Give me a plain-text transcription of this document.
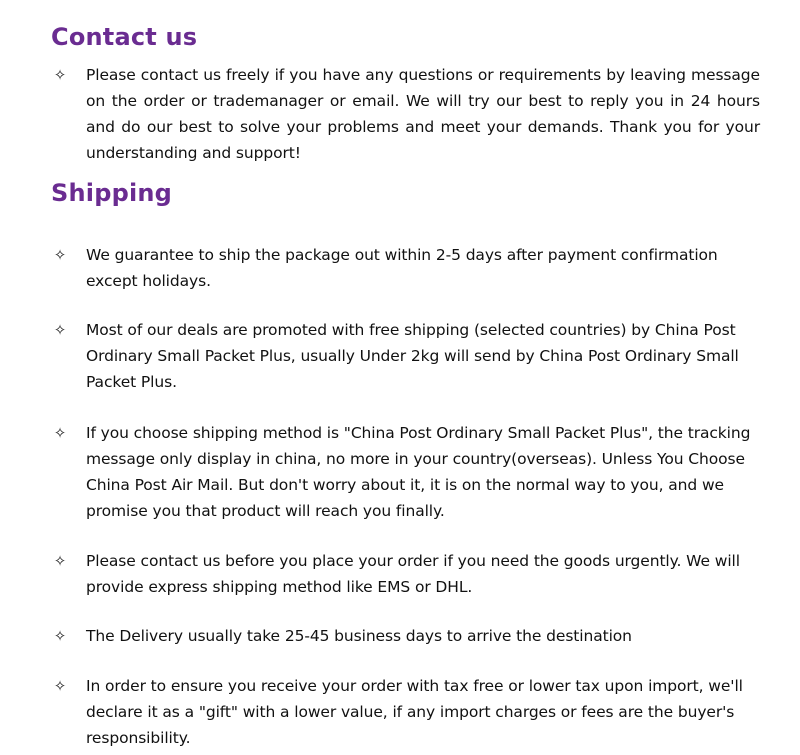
Contact us
✧	Please contact us freely if you have any questions or requirements by leaving message on the order or trademanager or email. We will try our best to reply you in 24 hours and do our best to solve your problems and meet your demands. Thank you for your understanding and support!

Shipping
✧	We guarantee to ship the package out within 2-5 days after payment confirmation except holidays.

✧	Most of our deals are promoted with free shipping (selected countries) by China Post Ordinary Small Packet Plus, usually Under 2kg will send by China Post Ordinary Small Packet Plus.

✧	If you choose shipping method is "China Post Ordinary Small Packet Plus", the tracking message only display in china, no more in your country(overseas). Unless You Choose China Post Air Mail. But don't worry about it, it is on the normal way to you, and we promise you that product will reach you finally.

✧	Please contact us before you place your order if you need the goods urgently. We will provide express shipping method like EMS or DHL.

✧	The Delivery usually take 25-45 business days to arrive the destination

✧	In order to ensure you receive your order with tax free or lower tax upon import, we'll declare it as a "gift" with a lower value, if any import charges or fees are the buyer's responsibility.
